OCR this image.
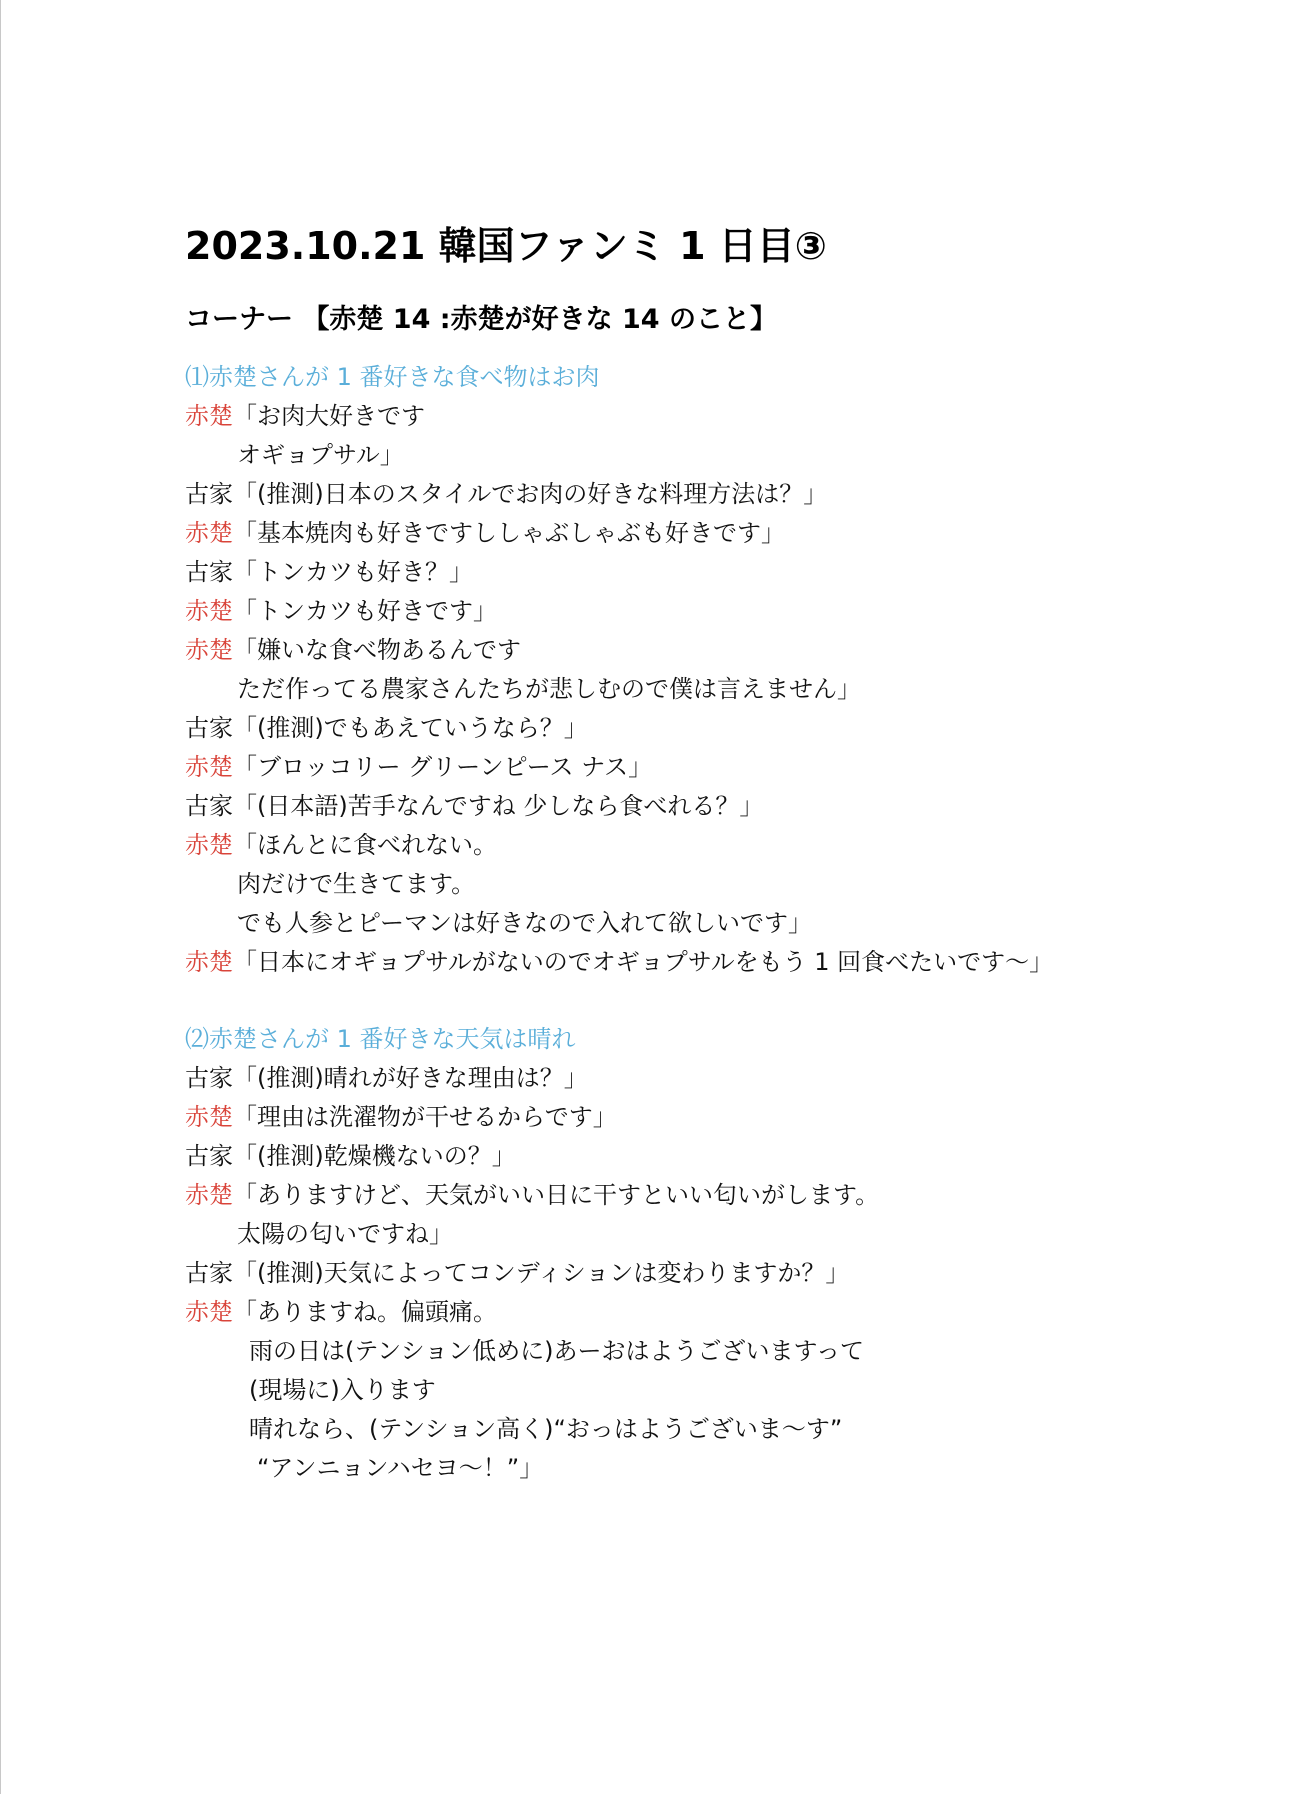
2023.10.21 韓国ファンミ 1 日目③
コーナー 【赤楚 14 :赤楚が好きな 14 のこと】
⑴赤楚さんが 1 番好きな食べ物はお肉
赤楚「お肉大好きです
オギョプサル」
古家「(推測)日本のスタイルでお肉の好きな料理方法は？」
赤楚「基本焼肉も好きですししゃぶしゃぶも好きです」
古家「トンカツも好き？」
赤楚「トンカツも好きです」
赤楚「嫌いな食べ物あるんです
ただ作ってる農家さんたちが悲しむので僕は言えません」
古家「(推測)でもあえていうなら？」
赤楚「ブロッコリー グリーンピース ナス」
古家「(日本語)苦手なんですね 少しなら食べれる？」
赤楚「ほんとに食べれない。
肉だけで生きてます。
でも人参とピーマンは好きなので入れて欲しいです」
赤楚「日本にオギョプサルがないのでオギョプサルをもう 1 回食べたいです～」
⑵赤楚さんが 1 番好きな天気は晴れ
古家「(推測)晴れが好きな理由は？」
赤楚「理由は洗濯物が干せるからです」
古家「(推測)乾燥機ないの？」
赤楚「ありますけど、天気がいい日に干すといい匂いがします。
太陽の匂いですね」
古家「(推測)天気によってコンディションは変わりますか？」
赤楚「ありますね。偏頭痛。
雨の日は(テンション低めに)あーおはようございますって
(現場に)入ります
晴れなら、(テンション高く)“おっはようございま～す”
“アンニョンハセヨ～！”」
